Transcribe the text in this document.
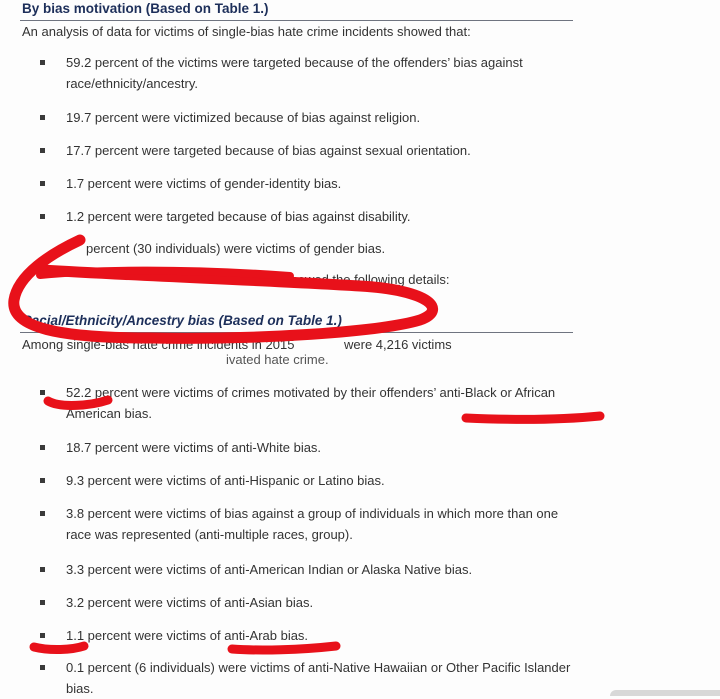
By bias motivation (Based on Table 1.)
An analysis of data for victims of single-bias hate crime incidents showed that:
59.2 percent of the victims were targeted because of the offenders’ bias against race/ethnicity/ancestry.
19.7 percent were victimized because of bias against religion.
17.7 percent were targeted because of bias against sexual orientation.
1.7 percent were victims of gender-identity bias.
1.2 percent were targeted because of bias against disability.
percent (30 individuals) were victims of gender bias.
showed the following details:
Racial/Ethnicity/Ancestry bias (Based on Table 1.)
Among single-bias hate crime incidents in 2015	were 4,216 victims
ivated hate crime.
52.2 percent were victims of crimes motivated by their offenders’ anti-Black or African American bias.
18.7 percent were victims of anti-White bias.
9.3 percent were victims of anti-Hispanic or Latino bias.
3.8 percent were victims of bias against a group of individuals in which more than one race was represented (anti-multiple races, group).
3.3 percent were victims of anti-American Indian or Alaska Native bias.
3.2 percent were victims of anti-Asian bias.
1.1 percent were victims of anti-Arab bias.
0.1 percent (6 individuals) were victims of anti-Native Hawaiian or Other Pacific Islander bias.
